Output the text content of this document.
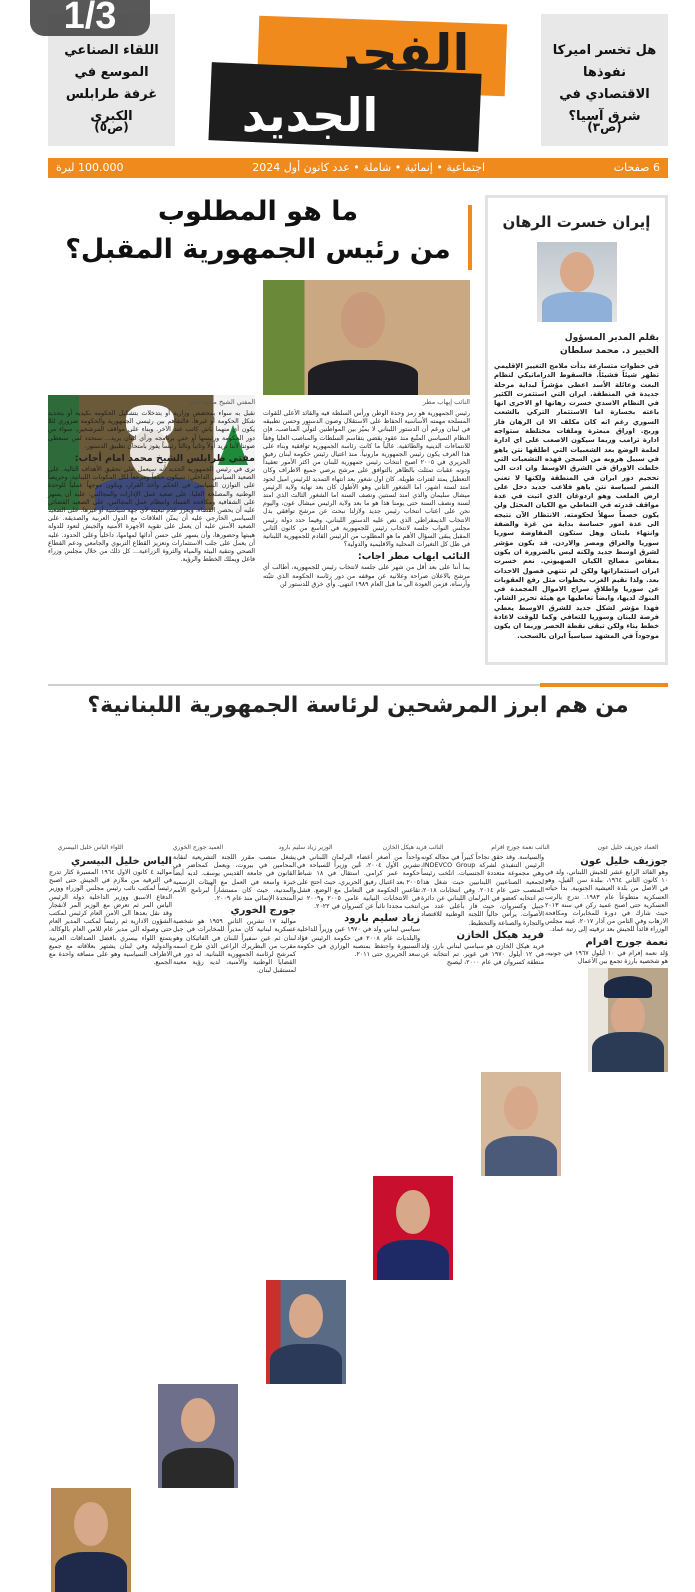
1/3
اللقاء الصناعي الموسع في غرفة طرابلس الكبرى
(ص٥)
هل تخسر اميركا نفوذها الاقتصادي في شرق آسيا؟
(ص٣)
الفجر
الجديد
6 صفحات
اجتماعية • إنمائية • شاملة • عدد كانون أول 2024
100.000 ليرة
إيران خسرت الرهان
بقلم المدير المسؤول
الخبير د. محمد سلطان
في خطوات متسارعة بدأت ملامح التغيير الإقليمي تظهر شيئاً فشيئاً. فالسقوط الدراماتيكي لنظام البعث وعائلة الأسد اعطى مؤشراً لبداية مرحلة جديدة في المنطقة. ايران التي استثمرت الكثير في النظام الاسدي خسرت رهانها او الاحرى انها باعته بخسارة اما الاستثمار التركي بالشعب السوري رغم انه كان مكلف الا ان الرهان فاز وربح. اوراق مبعثرة وملفات مختلطة ستواجه ادارة ترامب وربما سيكون الاصعب على اي ادارة لعلمة الوضع بعد الشعبيات التي اطلقها نتن ياهو في سبيل هروبه من السجن فهذه التشعبات التي خلطت الاوراق في الشرق الاوسط وان ادت الى تحجيم دور ايران في المنطقة ولكنها لا تعني النصر لسياسة نتن ياهو فلاعب جديد دخل على ارض الملعب وهو اردوغان الذي اثبت في عدة مواقف قدرته في التعاطي مع الكيان المحتل ولن يكون خصماً سهلاً لحكومته. الانتظار الآن نتيجه الى عدة امور حساسة بداية من غزة والضفة وانتهاء بلبنان وهل ستكون المفاوضة سوريا سوريا والعراق ومصر والاردن. قد يكون مؤشر لشرق اوسط جديد ولكنه ليس بالضرورة ان يكون بمقاس مصالح الكيان الصهيوني. نعم خسرت ايران استثماراتها ولكن لم تنتهي فصول الاحداث بعد. ولذا نقيم الغرب بخطوات مثل رفع العقوبات عن سوريا واطلاق سراح الاموال المجمدة في البنوك لديها، وايضاً تعاطيها مع هيئة تحرير الشام. فهذا مؤشر لشكل جديد للشرق الاوسط يعطي فرصة للبنان وسوريا للتعافي وكما للوقت لاعادة خطط بناء ولكن تبقى نقطة الحصر وربما ان يكون موجوداً في المشهد سياسياً ايران بالسحب.
ما هو المطلوب
من رئيس الجمهورية المقبل؟
النائب إيهاب مطر
المفتي الشيخ محمد إمام
رئيس الجمهورية هو رمز وحدة الوطن ورأس السلطة فيه والقائد الأعلى للقوات المسلحة مهمته الأساسية الحفاظ على الاستقلال وصون الدستور وحسن تطبيقه في لبنان ورغم أن الدستور اللبناني لا يميّز بين المواطنين لتولّي المناصب، فإن النظام السياسي المتّبع منذ عقود يقضي بتقاسم السلطات والمناصب العليا وفقاً للانتماءات الدينية والطائفية. غالباً ما كانت رئاسة الجمهورية توافقية وبناء على هذا العرف يكون رئيس الجمهورية مارونياً. منذ اغتيال رئيس حكومة لبنان رفيق الحريري في ٢٠٠٥ اصبح انتخاب رئيس جمهورية للبنان من اكثر الأمور تعقيداً ودونه عقبات تمثلت بالظاهر بالتوافق على مرشح يرضي جميع الاطراف وكان التعطيل يمتد لفترات طويلة. كان اول شغور بعد انتهاء التمديد للرئيس اميل لحود امتد لستة اشهر، اما الشغور الثاني وهو الأطول كان بعد نهاية ولاية الرئيس ميشال سليمان والذي امتد لسنتين ونصف السنة اما الشغور الثالث الذي امتد لسنة ونصف السنة حتى يومنا هذا هو ما بعد ولاية الرئيس ميشال عون، واليوم نحن على اعتاب انتخاب رئيس جديد ولازلنا نبحث عن مرشح توافقي بدل الانتخاب الديمقراطي الذي نص عليه الدستور اللبناني، وفيما حدد دولة رئيس مجلس النواب جلسة لانتخاب رئيس للجمهورية في التاسع من كانون الثاني المقبل يبقى السؤال الأهم ما هو المطلوب من الرئيس القادم للجمهورية اللبنانية في ظل كل التغيرات المحلية والاقليمية والدولية؟
النائب ايهاب مطر اجاب:
بما أننا على بعد أقل من شهر على جلسة لانتخاب رئيس للجمهورية، أطالب أي مرشح بالاعلان صراحة وعلانية عن موقفه من دور رئاسة الحكومة الذي تثبّته وأرساه، فزمن العودة الى ما قبل العام ١٩٨٩ انتهى. وأي خرق للدستور لن
نقبل به سواء بمحصص وزارية أو بتدخلات بتشكيل الحكومة بكيدية أو بتحديد شكل الحكومة أو غيرها. فالتفاهم بين رئيسي الجمهورية والحكومة ضروري لئلا يكون أي منهما باش كاتب عند الآخر. وبناء على مواقف المرشحين، سواء من دور الحكومة ورئيسها أو حتى برنامجه ورأي لبنان يريد... سنحدد لمن سنعطي صوتنا لأننا نريد أولاً وثانياً وثالثاً رئيساً يفوز بامتحان تطبيق الدستور.
مفتي طرابلس الشيخ محمد امام أجاب:
نرى في رئيس الجمهورية الجديد أنه سيعمل على تحقيق الأهداف التالية. على الصعيد السياسي الداخلي: سيكون حكَماً ومرجعاً لكل المكونات اللبنانية، وحريصاً على التوازن السياسي في الحكم وأخذ القرار، ويكون موجهاً عملياً للوحدة الوطنية والمصلحة العليا. على صعيد عمل الإدارات والمجالس: عليه أن يسهر على الشفافية ومكافحة الفساد وانتظام عمل المجالس. على الصعيد القضائي عليه أن يحصن القضاء، ويعزز عدم تبعيته لأي جهة سياسية أو غيرها. على الصعيد السياسي الخارجي عليه أن يمتّن العلاقات مع الدول العربية والصديقة. على الصعيد الأمني عليه أن يعمل على تقوية الأجهزة الأمنية والجيش لتعود للدولة هيبتها وحضورها، وأن يسهر على حسن أدائها لمهامها، داخلياً وعلى الحدود. عليه أن يعمل على جلب الاستثمارات وتعزيز القطاع التربوي والجامعي ودعم القطاع الصحي وتنقية البيئة والمياه والثروة الزراعية... كل ذلك من خلال مجلس وزراء فاعل ويملك الخطط والرؤية.
من هم ابرز المرشحين لرئاسة الجمهورية اللبنانية؟
العماد جوزيف خليل عون
النائب نعمة جورج افرام
النائب فريد هيكل الخازن
الوزير زياد سليم بارود
العميد جورج الخوري
اللواء الياس خليل البيسري
جوزيف خليل عون
وهو القائد الرابع عشر للجيش اللبناني، ولد في ١٠ كانون الثاني ١٩٦٤، ببلدة سن الفيل، وهو في الاصل من بلدة العيشية الجنوبية. بدأ حياته العسكرية متطوعاً عام ١٩٨٣. تدرج بالرتب العسكرية حتى اصبح عميد ركن في سنة ٢٠١٣ حيث شارك في دورة للمخابرات ومكافحة الارهاب وفي الثامن من آذار ٢٠١٧، عينه مجلس الوزراء قائداً للجيش بعد ترقيته إلى رتبة عماد.
نعمة جورج افرام
وُلد نعمة إفرام في ١٠ أيلول ١٩٦٧ في جونيه، هو شخصية بارزة تجمع بين الأعمال
والسياسة. وقد حقق نجاحاً كبيراً في مجاله كونه الرئيس التنفيذي لشركة INDEVCO Group، وهي مجموعة متعددة الجنسيات. انتُخب رئيساً لجمعية الصناعيين اللبنانيين حيث شغل هذا المنصب حتى عام ٢٠١٤. وفي انتخابات ٢٠١٨، تم انتخابه كعضو في البرلمان اللبناني عن دائرة جبيل وكسروان، حيث فاز بأعلى عدد من الأصوات. يرأس حالياً اللجنة الوطنية للاقتصاد والتجارة والصناعة والتخطيط.
فريد هيكل الخازن
فريد هيكل الخازن هو سياسي لبناني بارز، وُلد في ١٢ أيلول ١٩٧٠ في غوير. تم انتخابه عن منطقة كسروان في عام ٢٠٠٠، ليصبح
واحداً من أصغر أعضاء البرلمان اللبناني في تشرين الأول ٢٠٠٤، عُين وزيراً للسياحة في حكومة عمر كرامي. استقال في ١٨ شباط ٢٠٠٥ بعد اغتيال رفيق الحريري، حيث احتج على تقاعس الحكومة في التعامل مع الوضع. فشل في الانتخابات النيابية عامي ٢٠٠٥ و٢٠٠٩ ثم انتخب مجددا نائباً عن كسروان في ٢٠٢٢.
زياد سليم بارود
سياسي لبناني ولد في ١٩٧٠ عين وزيراً للداخلية والبلديات عام ٢٠٠٨ في حكومة الرئيس فؤاد السنيورة واحتفظ بمنصبه الوزاري في حكومة سعد الحريري حتى ٢٠١١.
يشغل منصب مقرر اللجنة التشريعية لنقابة المحامين في بيروت، ويعمل كمحاضر في القانون في جامعة القديس يوسف. لديه أيضاً خبرة واسعة في العمل مع الهيئات الرسمية والمدنية، حيث كان مستشاراً لبرنامج الأمم المتحدة الإنمائي منذ عام ٢٠٠٩.
جورج الخوري
مواليد ١٧ تشرين الثاني ١٩٥٩ هو شخصية عسكرية لبنانية كان مديراً للمخابرات في جبل لبنان ثم عين سفيراً للبنان في الفاتيكان وهو مقرب من البطريرك الراعي الذي طرح اسمه كمرشح لرئاسة الجمهورية اللبنانية. له دور في القضايا الوطنية والأمنية، لديه رؤية معينة لمستقبل لبنان.
الياس خليل البيسري
مواليد ٤ كانون الاول ١٩٦٤ المسيرة كثار تدرج في الترقية من ملازم في الجيش حتى اصبح رئيساً لمكتب نائب رئيس مجلس الوزراء ووزير الدفاع الاسبق ووزير الداخلية دولة الرئيس الياس المر ثم تعرض مع الوزير المر لانفجار وقد نقل بعدها الى الامن العام كرئيس لمكتب الشؤون الادارية ثم رئيساً لمكتب المدير العام حتى وصوله الى مدير عام للامن العام بالوكالة. يتمتع اللواء بيسري بافضل الصداقات العربية والدولية وفي لبنان يشتهر بعلاقاته مع جميع الاطراف السياسية وهو على مسافة واحدة مع الجميع.
